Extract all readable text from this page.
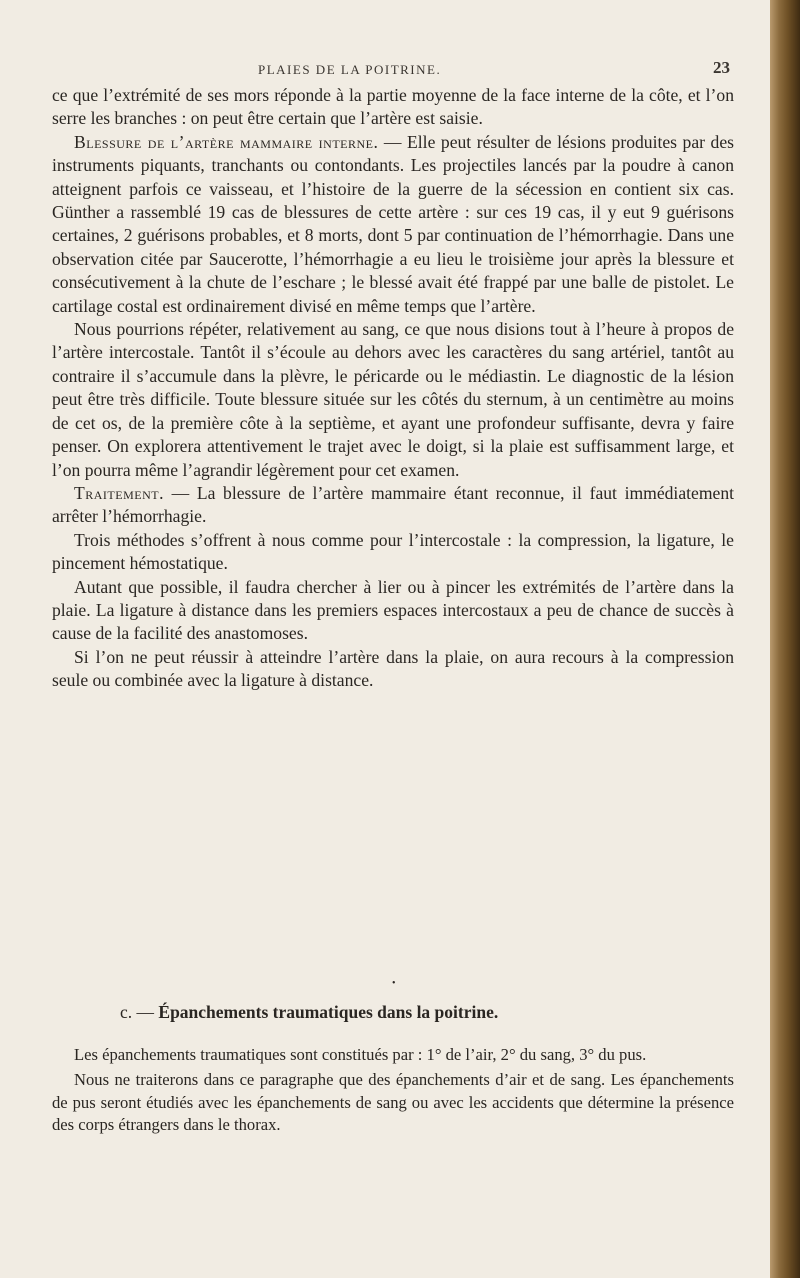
PLAIES DE LA POITRINE.	23

ce que l’extrémité de ses mors réponde à la partie moyenne de la face interne de la côte, et l’on serre les branches : on peut être certain que l’artère est saisie.

Blessure de l’artère mammaire interne. — Elle peut résulter de lésions produites par des instruments piquants, tranchants ou contondants. Les projectiles lancés par la poudre à canon atteignent parfois ce vaisseau, et l’histoire de la guerre de la sécession en contient six cas. Günther a rassemblé 19 cas de blessures de cette artère : sur ces 19 cas, il y eut 9 guérisons certaines, 2 guérisons probables, et 8 morts, dont 5 par continuation de l’hémorrhagie. Dans une observation citée par Saucerotte, l’hémorrhagie a eu lieu le troisième jour après la blessure et consécutivement à la chute de l’eschare ; le blessé avait été frappé par une balle de pistolet. Le cartilage costal est ordinairement divisé en même temps que l’artère.

Nous pourrions répéter, relativement au sang, ce que nous disions tout à l’heure à propos de l’artère intercostale. Tantôt il s’écoule au dehors avec les caractères du sang artériel, tantôt au contraire il s’accumule dans la plèvre, le péricarde ou le médiastin. Le diagnostic de la lésion peut être très difficile. Toute blessure située sur les côtés du sternum, à un centimètre au moins de cet os, de la première côte à la septième, et ayant une profondeur suffisante, devra y faire penser. On explorera attentivement le trajet avec le doigt, si la plaie est suffisamment large, et l’on pourra même l’agrandir légèrement pour cet examen.

Traitement. — La blessure de l’artère mammaire étant reconnue, il faut immédiatement arrêter l’hémorrhagie.

Trois méthodes s’offrent à nous comme pour l’intercostale : la compression, la ligature, le pincement hémostatique.

Autant que possible, il faudra chercher à lier ou à pincer les extrémités de l’artère dans la plaie. La ligature à distance dans les premiers espaces intercostaux a peu de chance de succès à cause de la facilité des anastomoses.

Si l’on ne peut réussir à atteindre l’artère dans la plaie, on aura recours à la compression seule ou combinée avec la ligature à distance.

•
c. — Épanchements traumatiques dans la poitrine.

Les épanchements traumatiques sont constitués par : 1° de l’air, 2° du sang, 3° du pus.

Nous ne traiterons dans ce paragraphe que des épanchements d’air et de sang. Les épanchements de pus seront étudiés avec les épanchements de sang ou avec les accidents que détermine la présence des corps étrangers dans le thorax.
